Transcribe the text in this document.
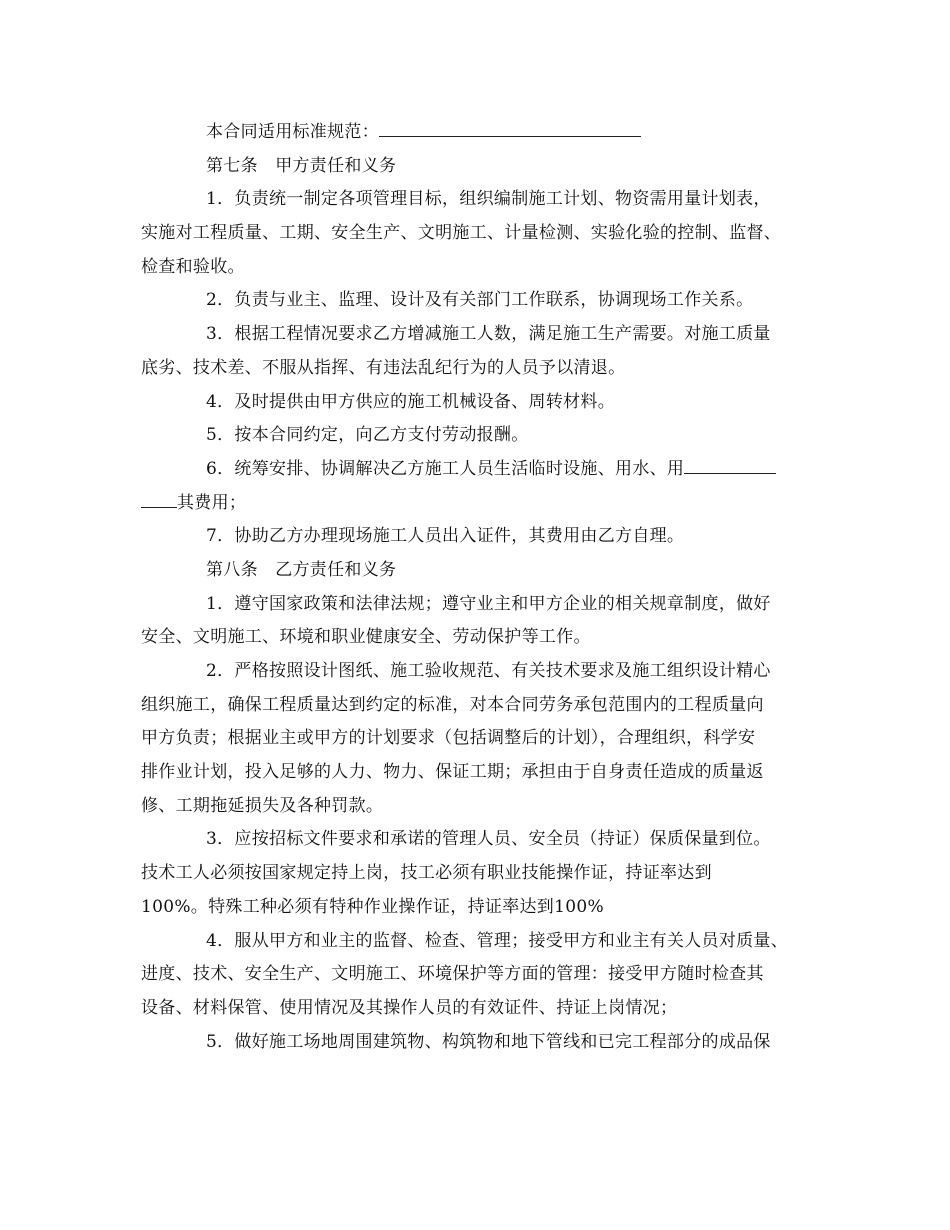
本合同适用标准规范：
第七条　甲方责任和义务
1．负责统一制定各项管理目标，组织编制施工计划、物资需用量计划表，
实施对工程质量、工期、安全生产、文明施工、计量检测、实验化验的控制、监督、
检查和验收。
2．负责与业主、监理、设计及有关部门工作联系，协调现场工作关系。
3．根据工程情况要求乙方增减施工人数，满足施工生产需要。对施工质量
底劣、技术差、不服从指挥、有违法乱纪行为的人员予以清退。
4．及时提供由甲方供应的施工机械设备、周转材料。
5．按本合同约定，向乙方支付劳动报酬。
6．统筹安排、协调解决乙方施工人员生活临时设施、用水、用
其费用；
7．协助乙方办理现场施工人员出入证件，其费用由乙方自理。
第八条　乙方责任和义务
1．遵守国家政策和法律法规；遵守业主和甲方企业的相关规章制度，做好
安全、文明施工、环境和职业健康安全、劳动保护等工作。
2．严格按照设计图纸、施工验收规范、有关技术要求及施工组织设计精心
组织施工，确保工程质量达到约定的标准，对本合同劳务承包范围内的工程质量向
甲方负责；根据业主或甲方的计划要求（包括调整后的计划），合理组织，科学安
排作业计划，投入足够的人力、物力、保证工期；承担由于自身责任造成的质量返
修、工期拖延损失及各种罚款。
3．应按招标文件要求和承诺的管理人员、安全员（持证）保质保量到位。
技术工人必须按国家规定持上岗，技工必须有职业技能操作证，持证率达到
100%。特殊工种必须有特种作业操作证，持证率达到100%
4．服从甲方和业主的监督、检查、管理；接受甲方和业主有关人员对质量、
进度、技术、安全生产、文明施工、环境保护等方面的管理：接受甲方随时检查其
设备、材料保管、使用情况及其操作人员的有效证件、持证上岗情况；
5．做好施工场地周围建筑物、构筑物和地下管线和已完工程部分的成品保
